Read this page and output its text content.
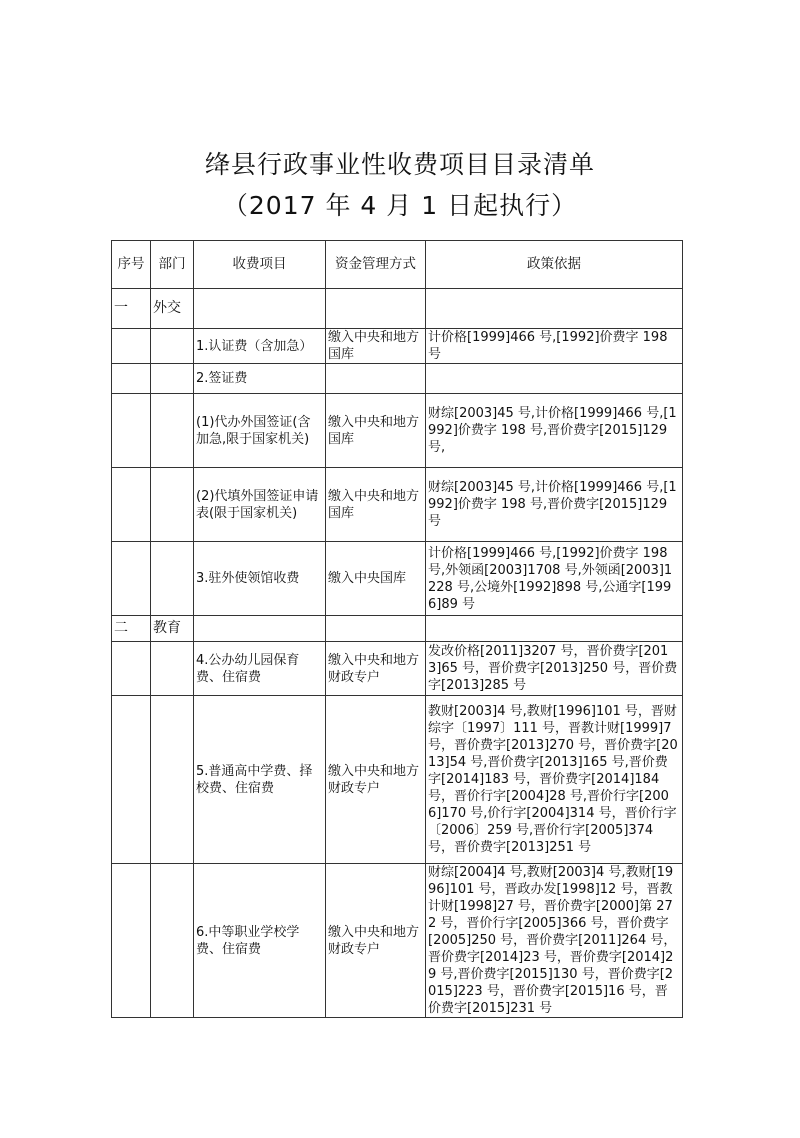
绛县行政事业性收费项目目录清单
（2017 年 4 月 1 日起执行）
序号	部门	收费项目	资金管理方式	政策依据
一	外交			
		1.认证费（含加急）	缴入中央和地方国库	计价格[1999]466 号,[1992]价费字 198 号
		2.签证费		
		(1)代办外国签证(含加急,限于国家机关)	缴入中央和地方国库	财综[2003]45 号,计价格[1999]466 号,[1992]价费字 198 号,晋价费字[2015]129 号,
		(2)代填外国签证申请表(限于国家机关)	缴入中央和地方国库	财综[2003]45 号,计价格[1999]466 号,[1992]价费字 198 号,晋价费字[2015]129 号
		3.驻外使领馆收费	缴入中央国库	计价格[1999]466 号,[1992]价费字 198 号,外领函[2003]1708 号,外领函[2003]1228 号,公境外[1992]898 号,公通字[1996]89 号
二	教育			
		4.公办幼儿园保育费、住宿费	缴入中央和地方财政专户	发改价格[2011]3207 号，晋价费字[2013]65 号，晋价费字[2013]250 号，晋价费字[2013]285 号
		5.普通高中学费、择校费、住宿费	缴入中央和地方财政专户	教财[2003]4 号,教财[1996]101 号，晋财综字〔1997〕111 号，晋教计财[1999]7 号，晋价费字[2013]270 号，晋价费字[2013]54 号,晋价费字[2013]165 号,晋价费字[2014]183 号，晋价费字[2014]184 号，晋价行字[2004]28 号,晋价行字[2006]170 号,价行字[2004]314 号，晋价行字〔2006〕259 号,晋价行字[2005]374 号，晋价费字[2013]251 号
		6.中等职业学校学费、住宿费	缴入中央和地方财政专户	财综[2004]4 号,教财[2003]4 号,教财[1996]101 号，晋政办发[1998]12 号，晋教计财[1998]27 号，晋价费字[2000]第 272 号，晋价行字[2005]366 号，晋价费字[2005]250 号，晋价费字[2011]264 号，晋价费字[2014]23 号，晋价费字[2014]29 号,晋价费字[2015]130 号，晋价费字[2015]223 号，晋价费字[2015]16 号，晋价费字[2015]231 号
